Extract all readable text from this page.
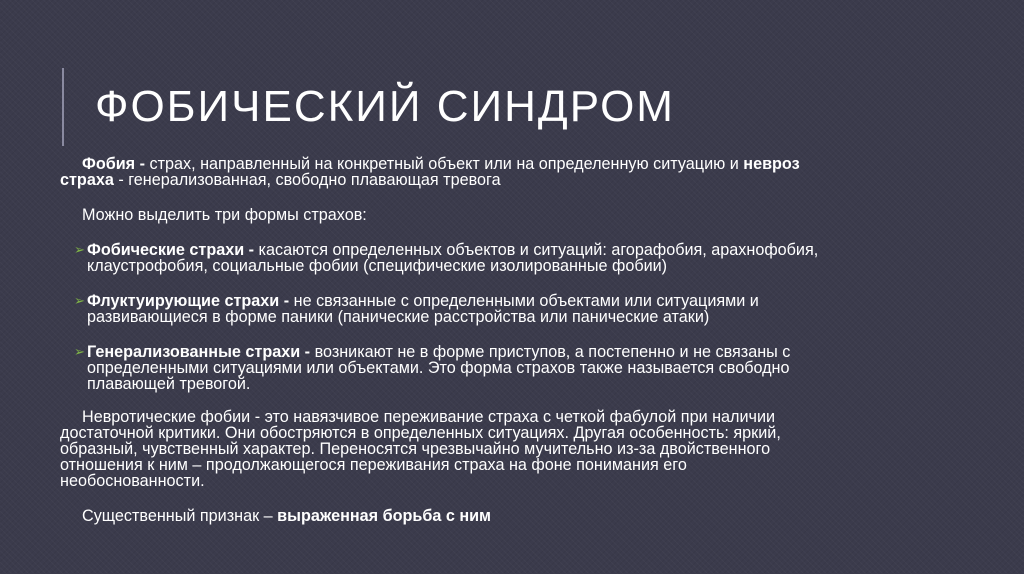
ФОБИЧЕСКИЙ СИНДРОМ

Фобия - страх, направленный на конкретный объект или на определенную ситуацию и невроз
страха - генерализованная, свободно плавающая тревога

Можно выделить три формы страхов:

➢ Фобические страхи - касаются определенных объектов и ситуаций: агорафобия, арахнофобия,
клаустрофобия, социальные фобии (специфические изолированные фобии)

➢ Флуктуирующие страхи - не связанные с определенными объектами или ситуациями и
развивающиеся в форме паники (панические расстройства или панические атаки)

➢ Генерализованные страхи - возникают не в форме приступов, а постепенно и не связаны с
определенными ситуациями или объектами. Это форма страхов также называется свободно
плавающей тревогой.

Невротические фобии - это навязчивое переживание страха с четкой фабулой при наличии
достаточной критики. Они обостряются в определенных ситуациях. Другая особенность: яркий,
образный, чувственный характер. Переносятся чрезвычайно мучительно из-за двойственного
отношения к ним – продолжающегося переживания страха на фоне понимания его
необоснованности.

Существенный признак – выраженная борьба с ним
